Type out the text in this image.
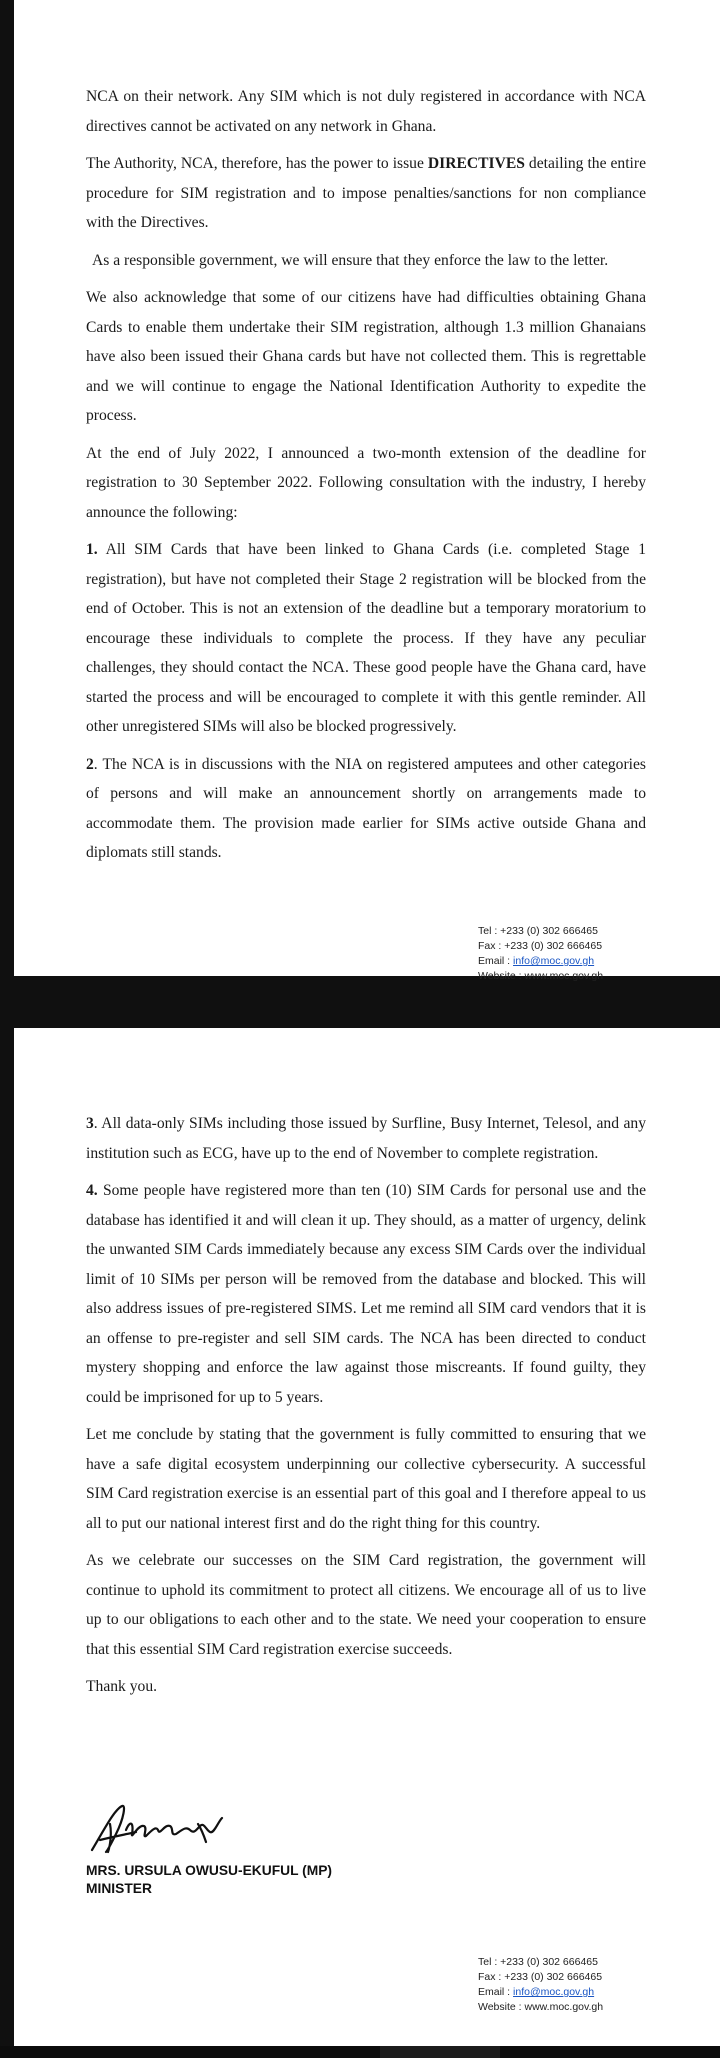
NCA on their network. Any SIM which is not duly registered in accordance with NCA directives cannot be activated on any network in Ghana.

The Authority, NCA, therefore, has the power to issue DIRECTIVES detailing the entire procedure for SIM registration and to impose penalties/sanctions for non compliance with the Directives.

As a responsible government, we will ensure that they enforce the law to the letter.

We also acknowledge that some of our citizens have had difficulties obtaining Ghana Cards to enable them undertake their SIM registration, although 1.3 million Ghanaians have also been issued their Ghana cards but have not collected them. This is regrettable and we will continue to engage the National Identification Authority to expedite the process.

At the end of July 2022, I announced a two-month extension of the deadline for registration to 30 September 2022. Following consultation with the industry, I hereby announce the following:

1. All SIM Cards that have been linked to Ghana Cards (i.e. completed Stage 1 registration), but have not completed their Stage 2 registration will be blocked from the end of October. This is not an extension of the deadline but a temporary moratorium to encourage these individuals to complete the process. If they have any peculiar challenges, they should contact the NCA. These good people have the Ghana card, have started the process and will be encouraged to complete it with this gentle reminder. All other unregistered SIMs will also be blocked progressively.

2. The NCA is in discussions with the NIA on registered amputees and other categories of persons and will make an announcement shortly on arrangements made to accommodate them. The provision made earlier for SIMs active outside Ghana and diplomats still stands.

Tel : +233 (0) 302 666465
Fax : +233 (0) 302 666465
Email : info@moc.gov.gh
Website : www.moc.gov.gh

3. All data-only SIMs including those issued by Surfline, Busy Internet, Telesol, and any institution such as ECG, have up to the end of November to complete registration.

4. Some people have registered more than ten (10) SIM Cards for personal use and the database has identified it and will clean it up. They should, as a matter of urgency, delink the unwanted SIM Cards immediately because any excess SIM Cards over the individual limit of 10 SIMs per person will be removed from the database and blocked. This will also address issues of pre-registered SIMS. Let me remind all SIM card vendors that it is an offense to pre-register and sell SIM cards. The NCA has been directed to conduct mystery shopping and enforce the law against those miscreants. If found guilty, they could be imprisoned for up to 5 years.

Let me conclude by stating that the government is fully committed to ensuring that we have a safe digital ecosystem underpinning our collective cybersecurity. A successful SIM Card registration exercise is an essential part of this goal and I therefore appeal to us all to put our national interest first and do the right thing for this country.

As we celebrate our successes on the SIM Card registration, the government will continue to uphold its commitment to protect all citizens. We encourage all of us to live up to our obligations to each other and to the state. We need your cooperation to ensure that this essential SIM Card registration exercise succeeds.

Thank you.

MRS. URSULA OWUSU-EKUFUL (MP)
MINISTER
Tel : +233 (0) 302 666465
Fax : +233 (0) 302 666465
Email : info@moc.gov.gh
Website : www.moc.gov.gh
